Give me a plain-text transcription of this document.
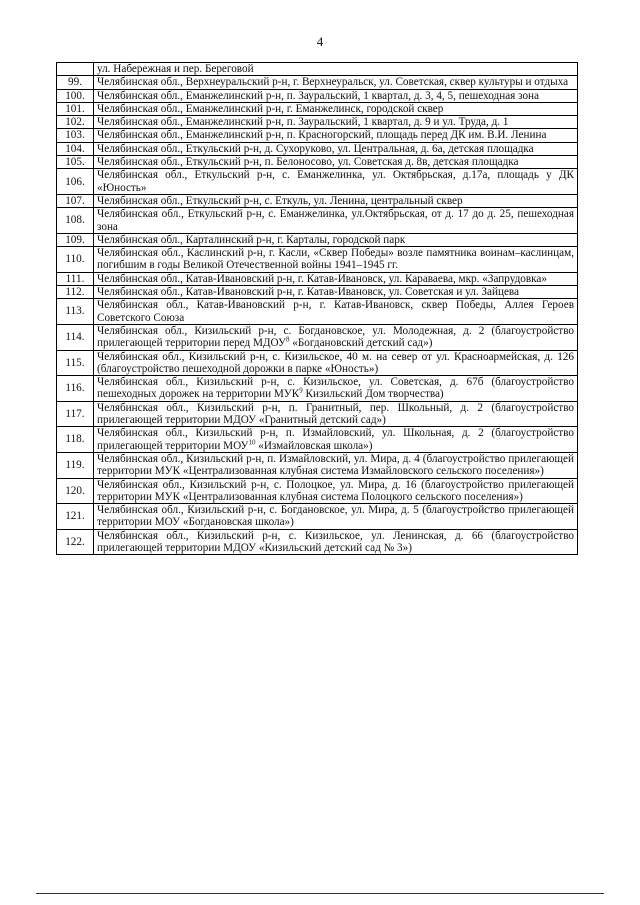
4
	ул. Набережная и пер. Береговой
99.	Челябинская обл., Верхнеуральский р-н, г. Верхнеуральск, ул. Советская, сквер культуры и отдыха
100.	Челябинская обл., Еманжелинский р-н, п. Зауральский, 1 квартал, д. 3, 4, 5, пешеходная зона
101.	Челябинская обл., Еманжелинский р-н, г. Еманжелинск, городской сквер
102.	Челябинская обл., Еманжелинский р-н, п. Зауральский, 1 квартал, д. 9 и ул. Труда, д. 1
103.	Челябинская обл., Еманжелинский р-н, п. Красногорский, площадь перед ДК им. В.И. Ленина
104.	Челябинская обл., Еткульский р-н, д. Сухоруково, ул. Центральная, д. 6а, детская площадка
105.	Челябинская обл., Еткульский р-н, п. Белоносово, ул. Советская д. 8в, детская площадка
106.	Челябинская обл., Еткульский р-н, с. Еманжелинка, ул. Октябрьская, д.17а, площадь у ДК «Юность»
107.	Челябинская обл., Еткульский р-н, с. Еткуль, ул. Ленина, центральный сквер
108.	Челябинская обл., Еткульский р-н, с. Еманжелинка, ул.Октябрьская, от д. 17 до д. 25, пешеходная зона
109.	Челябинская обл., Карталинский р-н, г. Карталы, городской парк
110.	Челябинская обл., Каслинский р-н, г. Касли, «Сквер Победы» возле памятника воинам–каслинцам, погибшим в годы Великой Отечественной войны 1941–1945 гг.
111.	Челябинская обл., Катав-Ивановский р-н, г. Катав-Ивановск, ул. Караваева, мкр. «Запрудовка»
112.	Челябинская обл., Катав-Ивановский р-н, г. Катав-Ивановск, ул. Советская и ул. Зайцева
113.	Челябинская обл., Катав-Ивановский р-н, г. Катав-Ивановск, сквер Победы, Аллея Героев Советского Союза
114.	Челябинская обл., Кизильский р-н, с. Богдановское, ул. Молодежная, д. 2 (благоустройство прилегающей территории перед МДОУ$^8$ «Богдановский детский сад»)
115.	Челябинская обл., Кизильский р-н, с. Кизильское, 40 м. на север от ул. Красноармейская, д. 126 (благоустройство пешеходной дорожки в парке «Юность»)
116.	Челябинская обл., Кизильский р-н, с. Кизильское, ул. Советская, д. 67б (благоустройство пешеходных дорожек на территории МУК$^9$ Кизильский Дом творчества)
117.	Челябинская обл., Кизильский р-н, п. Гранитный, пер. Школьный, д. 2 (благоустройство прилегающей территории МДОУ «Гранитный детский сад»)
118.	Челябинская обл., Кизильский р-н, п. Измайловский, ул. Школьная, д. 2 (благоустройство прилегающей территории МОУ$^{10}$ «Измайловская школа»)
119.	Челябинская обл., Кизильский р-н, п. Измайловский, ул. Мира, д. 4 (благоустройство прилегающей территории МУК «Централизованная клубная система Измайловского сельского поселения»)
120.	Челябинская обл., Кизильский р-н, с. Полоцкое, ул. Мира, д. 16 (благоустройство прилегающей территории МУК «Централизованная клубная система Полоцкого сельского поселения»)
121.	Челябинская обл., Кизильский р-н, с. Богдановское, ул. Мира, д. 5 (благоустройство прилегающей территории МОУ «Богдановская школа»)
122.	Челябинская обл., Кизильский р-н, с. Кизильское, ул. Ленинская, д. 66 (благоустройство прилегающей территории МДОУ «Кизильский детский сад № 3»)
